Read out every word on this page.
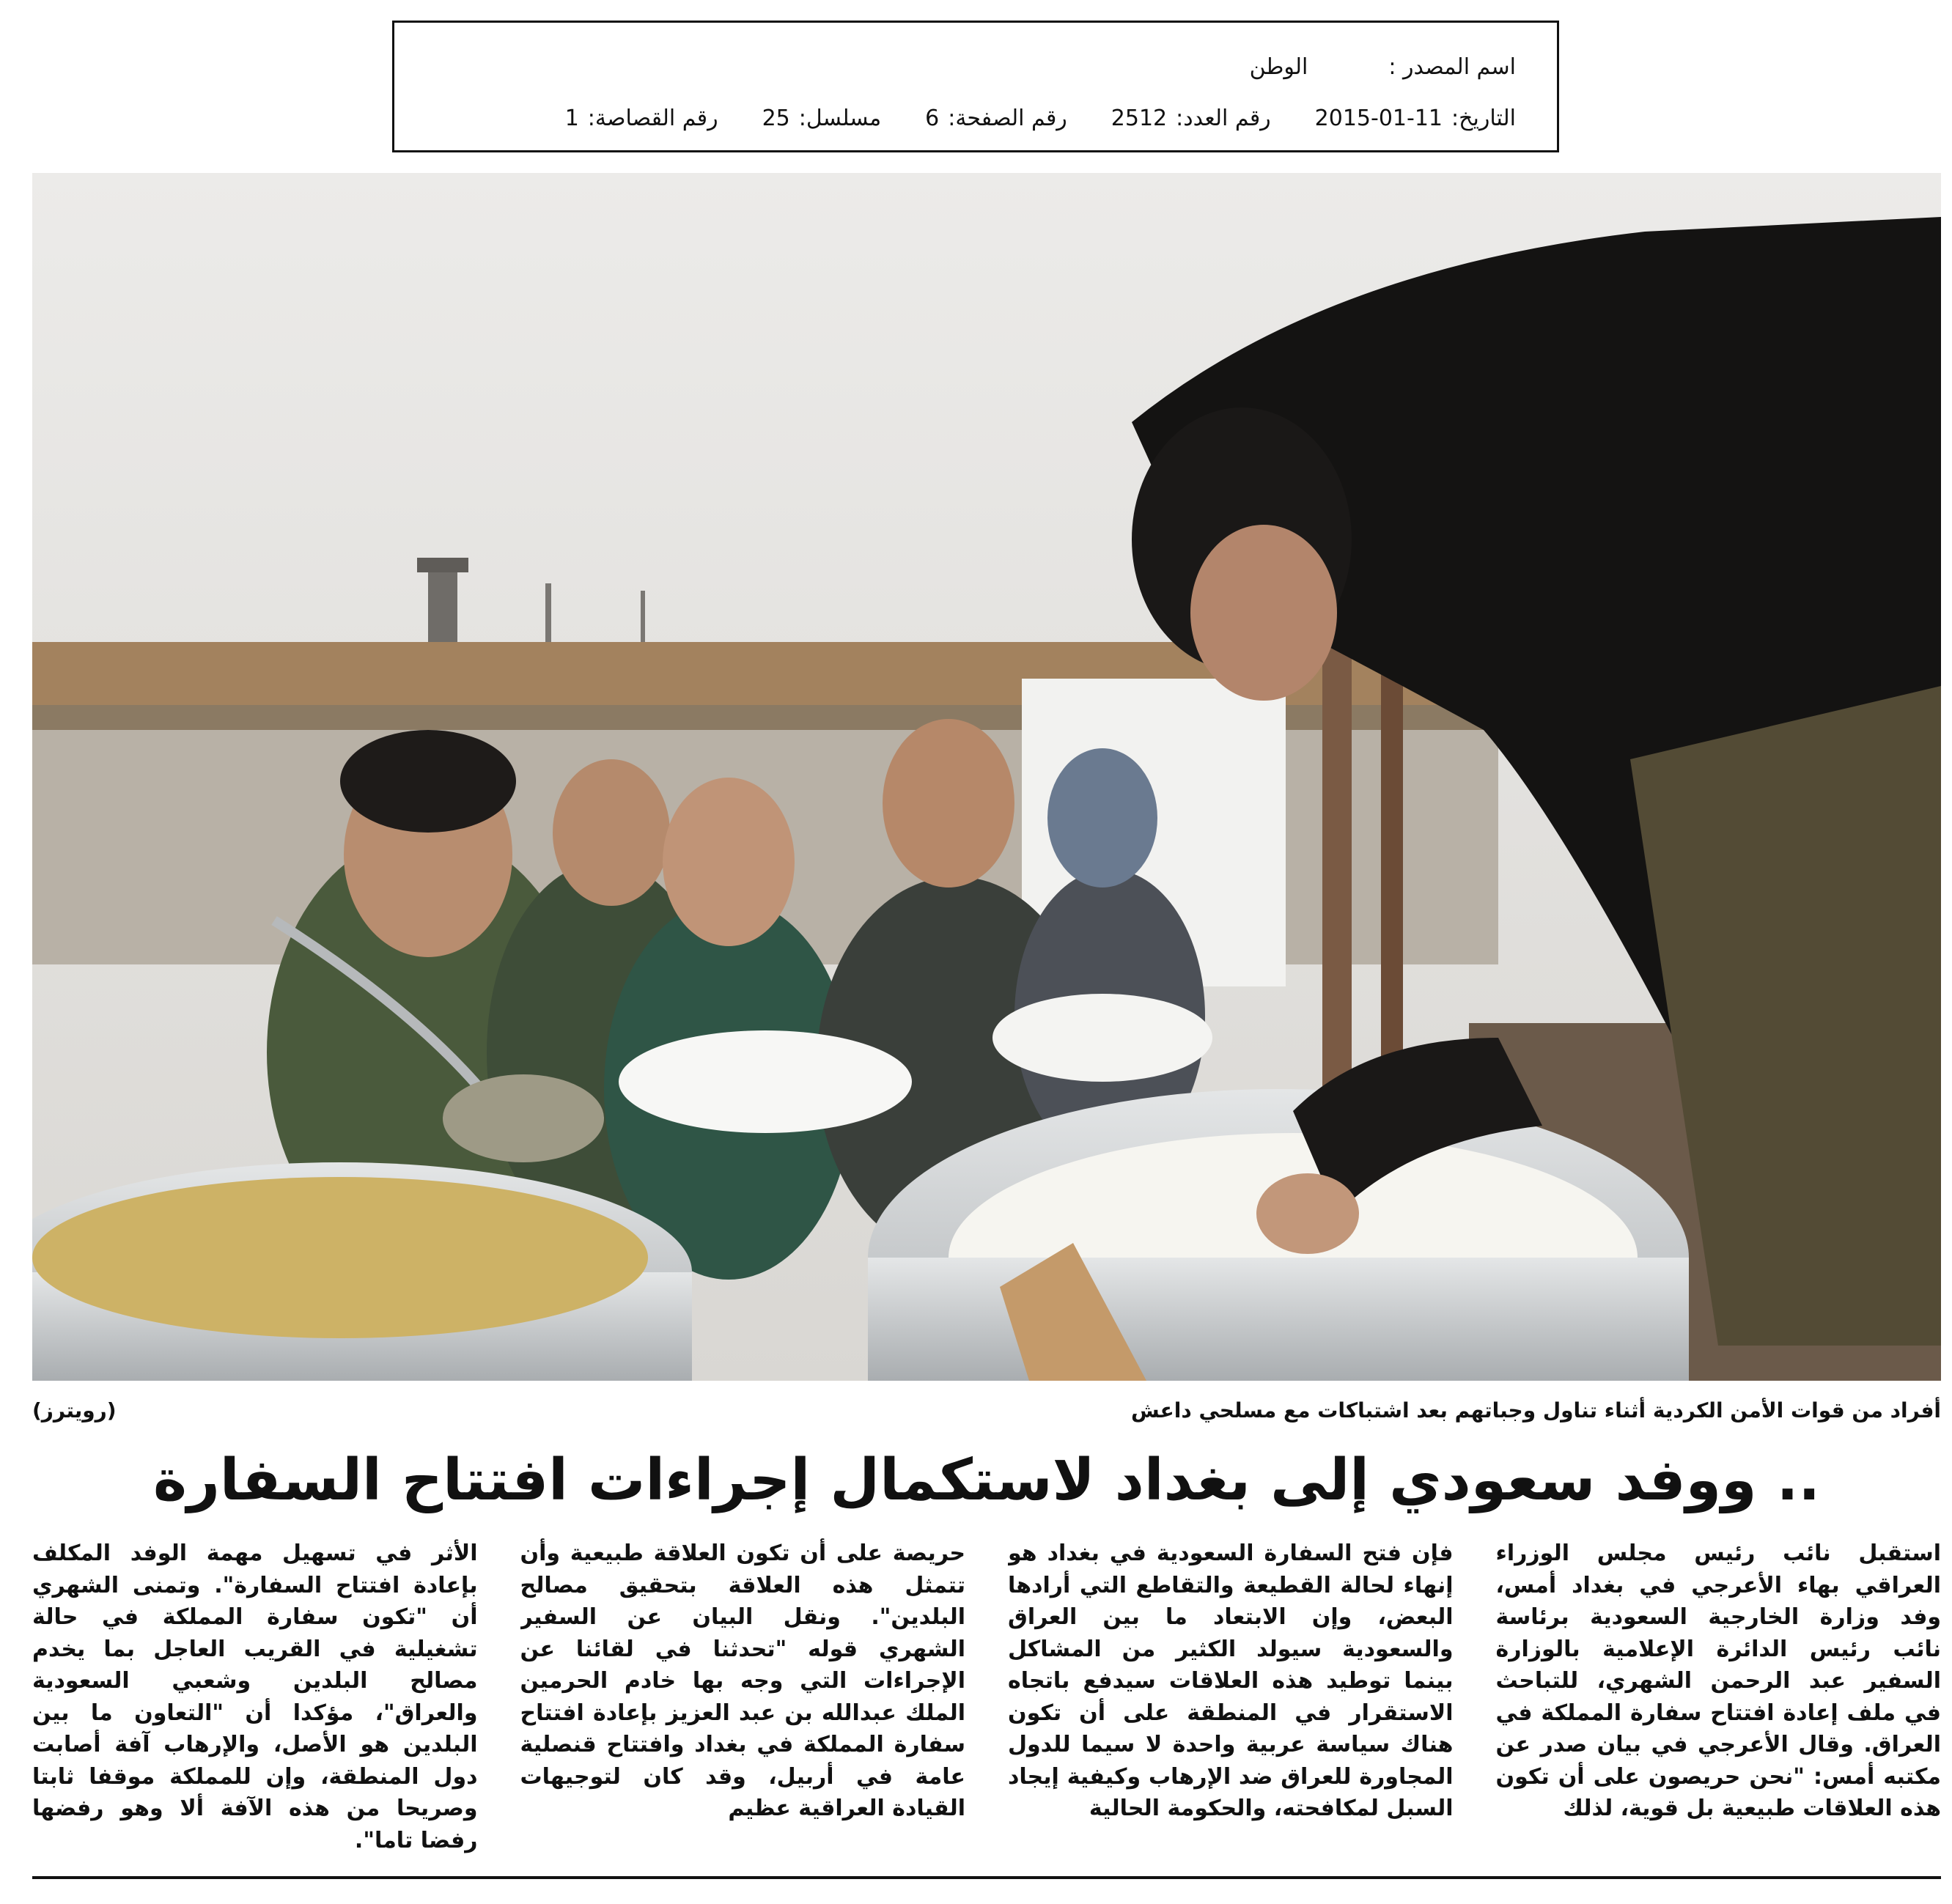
اسم المصدر :
الوطن
التاريخ:
2015-01-11
رقم العدد:
2512
رقم الصفحة:
6
مسلسل:
25
رقم القصاصة:
1
أفراد من قوات الأمن الكردية أثناء تناول وجباتهم بعد اشتباكات مع مسلحي داعش
(رويترز)
.. ووفد سعودي إلى بغداد لاستكمال إجراءات افتتاح السفارة
استقبل نائب رئيس مجلس الوزراء العراقي بهاء الأعرجي في بغداد أمس، وفد وزارة الخارجية السعودية برئاسة نائب رئيس الدائرة الإعلامية بالوزارة السفير عبد الرحمن الشهري، للتباحث في ملف إعادة افتتاح سفارة المملكة في العراق. وقال الأعرجي في بيان صدر عن مكتبه أمس: "نحن حريصون على أن تكون هذه العلاقات طبيعية بل قوية، لذلك
فإن فتح السفارة السعودية في بغداد هو إنهاء لحالة القطيعة والتقاطع التي أرادها البعض، وإن الابتعاد ما بين العراق والسعودية سيولد الكثير من المشاكل بينما توطيد هذه العلاقات سيدفع باتجاه الاستقرار في المنطقة على أن تكون هناك سياسة عربية واحدة لا سيما للدول المجاورة للعراق ضد الإرهاب وكيفية إيجاد السبل لمكافحته، والحكومة الحالية
حريصة على أن تكون العلاقة طبيعية وأن تتمثل هذه العلاقة بتحقيق مصالح البلدين". ونقل البيان عن السفير الشهري قوله "تحدثنا في لقائنا عن الإجراءات التي وجه بها خادم الحرمين الملك عبدالله بن عبد العزيز بإعادة افتتاح سفارة المملكة في بغداد وافتتاح قنصلية عامة في أربيل، وقد كان لتوجيهات القيادة العراقية عظيم
الأثر في تسهيل مهمة الوفد المكلف بإعادة افتتاح السفارة". وتمنى الشهري أن "تكون سفارة المملكة في حالة تشغيلية في القريب العاجل بما يخدم مصالح البلدين وشعبي السعودية والعراق"، مؤكدا أن "التعاون ما بين البلدين هو الأصل، والإرهاب آفة أصابت دول المنطقة، وإن للمملكة موقفا ثابتا وصريحا من هذه الآفة ألا وهو رفضها رفضا تاما".
